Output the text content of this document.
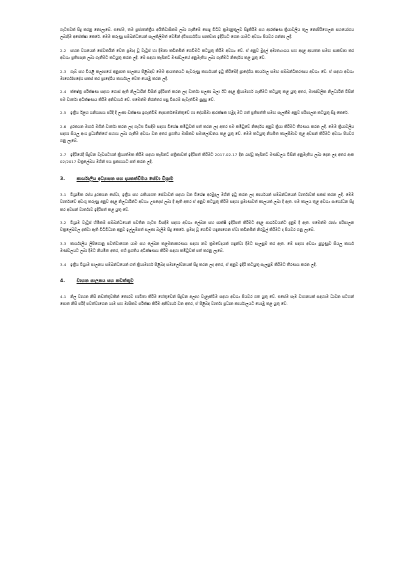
ගැටළුවක් සිදු කරනු නොලැබේ. එසේම, තම ප්‍රජාතන්ත්‍රීය අයිතිවාසිකම් ලබා ගැනීමේ පොදු විධිව ක්‍රමානුකූලව සිදුකිරීම සහ ආරක්ෂණ ක්‍රියාවලිය තුල නොපිරිහෙලන සහයෝගය ලබාදීම අපේක්ෂා කෙරේ. මෙම කරුණු සම්බන්ධයෙන් සැලකිලිමත් වෙමින් ද්විපාර්ශවීය සාකච්ඡා ඉදිරියට ගෙන යාමට අවශ්‍ය පියවර ගන්නා ලදී.

2.2 සහන වශයෙන් සේවකයින් වෙත ප්‍රමාද වූ වැටුප් හා දීමනා කඩිනමින් ගෙවීමට කටයුතු කිරීම අවශ්‍ය වේ. ඒ අනුව මුදල් අමාත්‍යාංශය සහ අදාළ ආයතන සමඟ සාකච්ඡා කර අවශ්‍ය ප්‍රතිපාදන ලබා ගැනීමට කටයුතු කරන ලදී. මේ සඳහා කැබිනට් මණ්ඩලයේ අනුමැතිය ලබා ගැනීමට නිර්දේශ කළ යුතු වේ.

2.3 ගැබ් සහ වියළි කලාපයේ අනුපාත පාලනය පිළිබඳව මෙම ආයතනයට පැවරුණු කාර්යයන් ඉටු කිරීමේදී ප්‍රාදේශීය කාර්යාල සමඟ සම්බන්ධීකරණය අවශ්‍ය වේ. ඒ සඳහා අවශ්‍ය මාර්ගෝපදේශ සකස් කර ප්‍රාදේශීය කාර්යාල වෙත යොමු කරන ලදී.

2.4 ක්ෂේත්‍ර පරීක්ෂණ සඳහා ගොස් ඇති නිලධාරීන් විසින් ඉදිරිපත් කරන ලද වාර්තා සලකා බලා ඊට අදාළ ක්‍රියාමාර්ග ගැනීමට කටයුතු කළ යුතු අතර, මාණ්ඩලික නිලධාරීන් විසින් එම වාර්තා අධීක්ෂණය කිරීම අනිවාර්ය වේ. එමෙන්ම නිරන්තර පසු විපරම් පැවැත්වීම සුදුසු වේ.

2.5 ඉත්‍රීය ඊළඟ ශනිශාසය පරිදි දී ලංකා ඩක්ෂණ ඉගැන්වීම් දෙපාර්තමේන්තුවේ හා දේශසීමා ආරක්ෂක හමුදා මට ගත් ප්‍රතිපත්ති සමඟ සැලකීම අනුව පරිපාලන කටයුතු සිදු කෙරේ.

2.6 දූරකථන මාර්ග මගින් වාර්තා කරන ලද ගැටළු විසඳීම සඳහා විශේෂ කමිටුවක් පත් කරන ලද අතර එම කමිටුවේ නිර්දේශ අනුව ක්‍රියා කිරීමට තීරණය කරන ලදී. මෙම ක්‍රියාවලිය සඳහා සියලු අංශ ප්‍රධානීන්ගේ සහාය ලබා ගැනීම අවශ්‍ය වන අතර ප්‍රගතිය මාසිකව සමාලෝචනය කළ යුතු වේ. මෙම කටයුතු නියමිත කාලසීමාව තුළ අවසන් කිරීමට අවශ්‍ය පියවර ගනු ලැබේ.

2.7 ඉදිරියේදී සිදුවන වැඩසටහන් ක්‍රියාත්මක කිරීම සඳහා කැබිනට් පත්‍රිකාවක් ඉදිරිපත් කිරීමට 2017.02.17 දින රැස්වූ කැබිනට් මණ්ඩලය විසින් අනුමැතිය ලබා දෙන ලද අතර අංක 02/2017 චක්‍රලේඛය මගින් එය ප්‍රකාශයට පත් කරන ලදී.

3.	කාර්යාලීය අධ්‍යාපන සහ දායකත්වීමය සේවා විශ්‍රාම

3.1 විශ්‍රාමික රජය දූරකථන සේවා, ඉත්‍රීය සහ රැකියාගත සේවාවන් සඳහා වන විශේෂ අරමුදල මගින් ඉටු කරන ලද කාර්යයන් සම්බන්ධයෙන් වාර්තාවක් සකස් කරන ලදී. මෙම වාර්තාවේ අඩංගු කරුණු අනුව අදාළ නිලධාරීන්ට අවශ්‍ය උපදෙස් ලබා දී ඇති අතර ඒ අනුව කටයුතු කිරීම සඳහා ප්‍රමාණවත් කාලයක් ලබා දී ඇත. එම කාලය තුළ අවශ්‍ය සංශෝධන සිදු කර අවසන් වාර්තාව ඉදිරිපත් කළ යුතු වේ.

3.2 විශ්‍රාම වැටුප් හිමිකම් සම්බන්ධයෙන් පවතින ගැටළු විසඳීම සඳහා අවශ්‍ය ලේඛන සහ සාක්ෂි ඉදිරිපත් කිරීමට අදාළ පාර්ශවයන්ට දැනුම් දී ඇත. එමෙන්ම රාජ්‍ය පරිපාලන චක්‍රලේඛවල දක්වා ඇති විධිවිධාන අනුව ඉල්ලුම්පත් සලකා බැලීම සිදු කෙරේ. ප්‍රමාද වූ ගෙවීම් හඳුනාගෙන ඒවා කඩිනමින් නිරවුල් කිරීමට ද පියවර ගනු ලැබේ.

3.3 කාර්යාලීය ලිපිගොනු පවත්වාගෙන යාම සහ ලේඛන කළමනාකරණය සඳහා නව ක්‍රමවේදයක් හඳුන්වා දීමට සැලසුම් කර ඇත. මේ සඳහා අවශ්‍ය පුහුණුව සියලු කාර්ය මණ්ඩලයට ලබා දීමට නියමිත අතර, එහි ප්‍රගතිය අධීක්ෂණය කිරීම සඳහා කමිටුවක් පත් කරනු ලැබේ.

3.4 ඉත්‍රීය විශ්‍රාම පාලනය සම්බන්ධයෙන් ගත් ක්‍රියාමාර්ග පිළිබඳ සමාලෝචනයක් සිදු කරන ලද අතර, ඒ අනුව ඉදිරි කටයුතු සැලසුම් කිරීමට තීරණය කරන ලදී.

4.	වාහන පාලනය සහ නඩත්තුව

4.1 නිල වාහන නිසි නඩත්තුවකින් තොරව භාවිතා කිරීම හේතුවෙන් සිදුවන අලාභ වැළැක්වීම සඳහා අවශ්‍ය පියවර ගත යුතු වේ. එසේම සෑම වාහනයක් සඳහාම ධාවන සටහන් පොත නිසි පරිදි පවත්වාගෙන යාම සහ මාසිකව පරීක්ෂා කිරීම අනිවාර්ය වන අතර, ඒ පිළිබඳ වාර්තා ප්‍රධාන කාර්යාලයට යොමු කළ යුතු වේ.
